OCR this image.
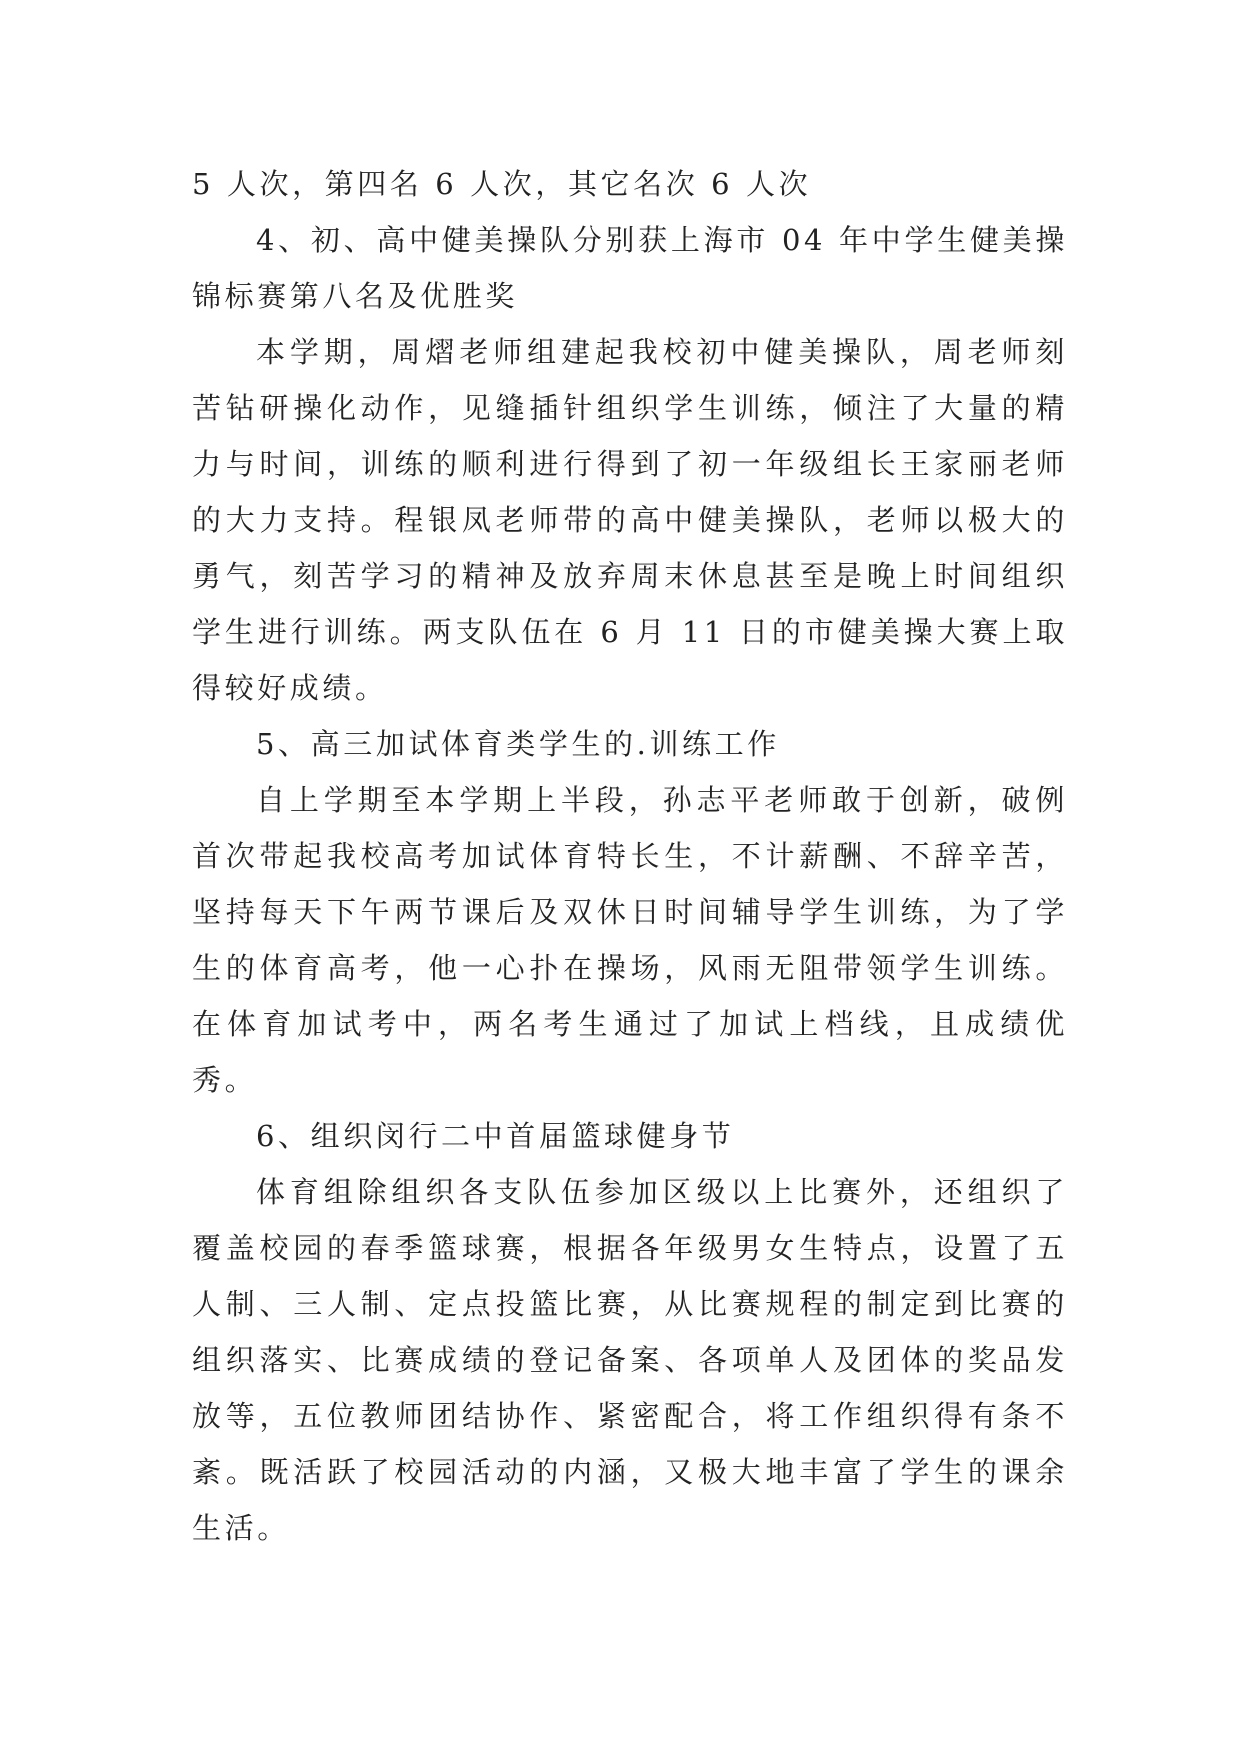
5 人次，第四名 6 人次，其它名次 6 人次

4、初、高中健美操队分别获上海市 04 年中学生健美操锦标赛第八名及优胜奖

本学期，周熠老师组建起我校初中健美操队，周老师刻苦钻研操化动作，见缝插针组织学生训练，倾注了大量的精力与时间，训练的顺利进行得到了初一年级组长王家丽老师的大力支持。程银凤老师带的高中健美操队，老师以极大的勇气，刻苦学习的精神及放弃周末休息甚至是晚上时间组织学生进行训练。两支队伍在 6 月 11 日的市健美操大赛上取得较好成绩。

5、高三加试体育类学生的.训练工作

自上学期至本学期上半段，孙志平老师敢于创新，破例首次带起我校高考加试体育特长生，不计薪酬、不辞辛苦，坚持每天下午两节课后及双休日时间辅导学生训练，为了学生的体育高考，他一心扑在操场，风雨无阻带领学生训练。在体育加试考中，两名考生通过了加试上档线，且成绩优秀。

6、组织闵行二中首届篮球健身节

体育组除组织各支队伍参加区级以上比赛外，还组织了覆盖校园的春季篮球赛，根据各年级男女生特点，设置了五人制、三人制、定点投篮比赛，从比赛规程的制定到比赛的组织落实、比赛成绩的登记备案、各项单人及团体的奖品发放等，五位教师团结协作、紧密配合，将工作组织得有条不紊。既活跃了校园活动的内涵，又极大地丰富了学生的课余生活。
